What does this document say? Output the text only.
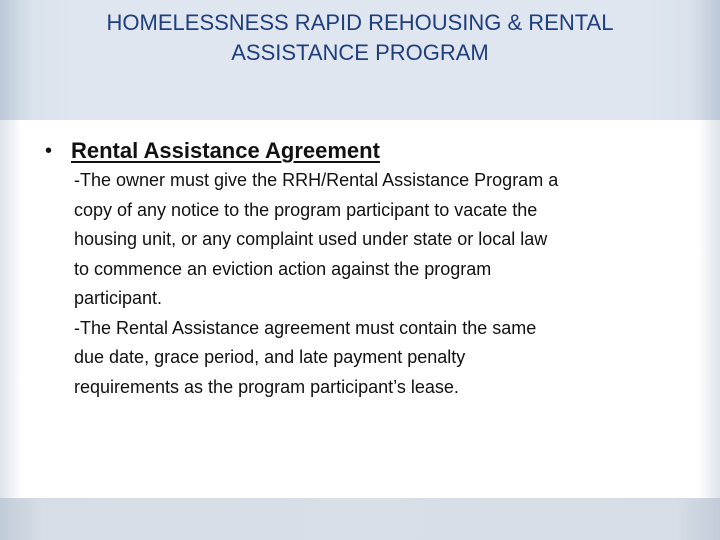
HOMELESSNESS RAPID REHOUSING & RENTAL
ASSISTANCE PROGRAM
• Rental Assistance Agreement

-The owner must give the RRH/Rental Assistance Program a
copy of any notice to the program participant to vacate the
housing unit, or any complaint used under state or local law
to commence an eviction action against the program
participant.
-The Rental Assistance agreement must contain the same
due date, grace period, and late payment penalty
requirements as the program participant’s lease.
